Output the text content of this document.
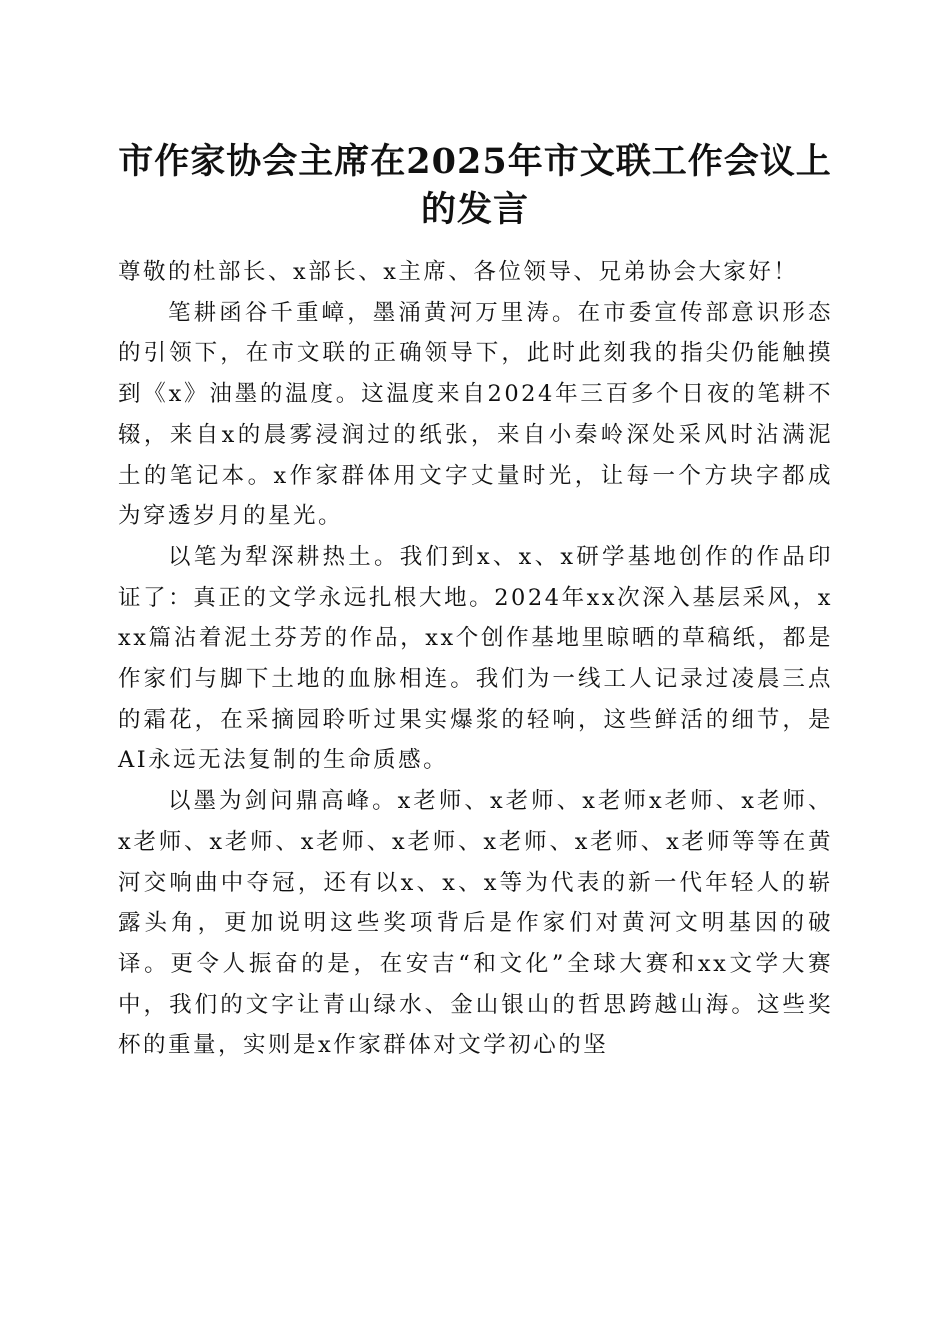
市作家协会主席在2025年市文联工作会议上
的发言

尊敬的杜部长、x部长、x主席、各位领导、兄弟协会大家好！

笔耕函谷千重嶂，墨涌黄河万里涛。在市委宣传部意识形态的引领下，在市文联的正确领导下，此时此刻我的指尖仍能触摸到《x》油墨的温度。这温度来自2024年三百多个日夜的笔耕不辍，来自x的晨雾浸润过的纸张，来自小秦岭深处采风时沾满泥土的笔记本。x作家群体用文字丈量时光，让每一个方块字都成为穿透岁月的星光。

以笔为犁深耕热土。我们到x、x、x研学基地创作的作品印证了：真正的文学永远扎根大地。2024年xx次深入基层采风，xxx篇沾着泥土芬芳的作品，xx个创作基地里晾晒的草稿纸，都是作家们与脚下土地的血脉相连。我们为一线工人记录过凌晨三点的霜花，在采摘园聆听过果实爆浆的轻响，这些鲜活的细节，是AI永远无法复制的生命质感。

以墨为剑问鼎高峰。x老师、x老师、x老师x老师、x老师、x老师、x老师、x老师、x老师、x老师、x老师、x老师等等在黄河交响曲中夺冠，还有以x、x、x等为代表的新一代年轻人的崭露头角，更加说明这些奖项背后是作家们对黄河文明基因的破译。更令人振奋的是，在安吉“和文化”全球大赛和xx文学大赛中，我们的文字让青山绿水、金山银山的哲思跨越山海。这些奖杯的重量，实则是x作家群体对文学初心的坚
